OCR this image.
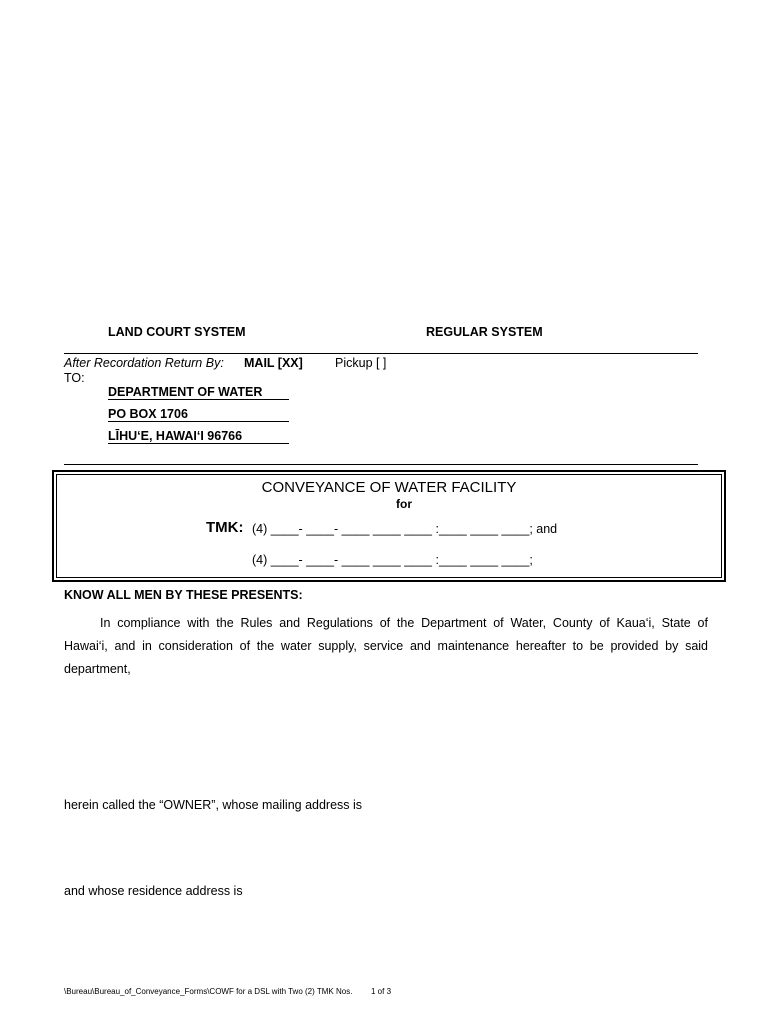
LAND COURT SYSTEM	REGULAR SYSTEM
After Recordation Return By: MAIL [XX]	Pickup [ ]
TO:
DEPARTMENT OF WATER
PO BOX 1706
LĪHU‘E, HAWAI‘I 96766
CONVEYANCE OF WATER FACILITY
for
TMK: (4) ____- ____- ____ ____ ____ :____ ____ ____; and
(4) ____- ____- ____ ____ ____ :____ ____ ____;
KNOW ALL MEN BY THESE PRESENTS:
In compliance with the Rules and Regulations of the Department of Water, County of Kaua‘i, State of
Hawai‘i, and in consideration of the water supply, service and maintenance hereafter to be provided by said
department,
herein called the “OWNER”, whose mailing address is
and whose residence address is
\Bureau\Bureau_of_Conveyance_Forms\COWF for a DSL with Two (2) TMK Nos. 1 of 3
